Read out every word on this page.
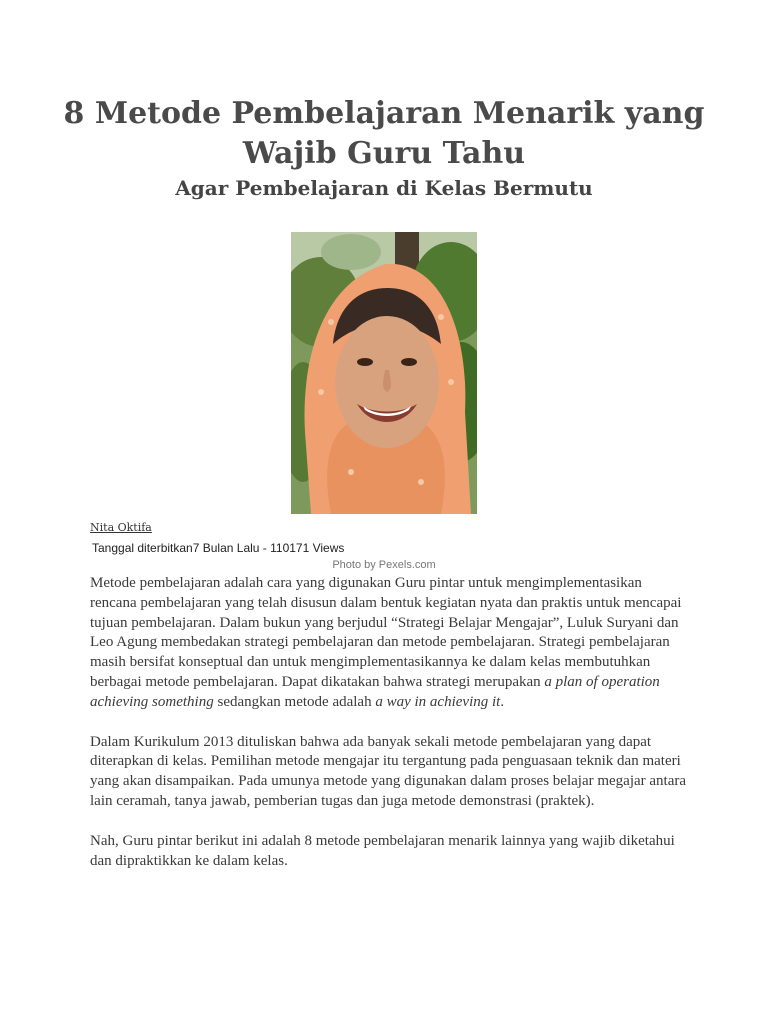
8 Metode Pembelajaran Menarik yang Wajib Guru Tahu
Agar Pembelajaran di Kelas Bermutu
Nita Oktifa
Tanggal diterbitkan7 Bulan Lalu - 110171 Views
Photo by Pexels.com

Metode pembelajaran adalah cara yang digunakan Guru pintar untuk mengimplementasikan rencana pembelajaran yang telah disusun dalam bentuk kegiatan nyata dan praktis untuk mencapai tujuan pembelajaran. Dalam bukun yang berjudul “Strategi Belajar Mengajar”, Luluk Suryani dan Leo Agung membedakan strategi pembelajaran dan metode pembelajaran. Strategi pembelajaran masih bersifat konseptual dan untuk mengimplementasikannya ke dalam kelas membutuhkan berbagai metode pembelajaran. Dapat dikatakan bahwa strategi merupakan a plan of operation achieving something sedangkan metode adalah a way in achieving it.

Dalam Kurikulum 2013 dituliskan bahwa ada banyak sekali metode pembelajaran yang dapat diterapkan di kelas. Pemilihan metode mengajar itu tergantung pada penguasaan teknik dan materi yang akan disampaikan. Pada umunya metode yang digunakan dalam proses belajar megajar antara lain ceramah, tanya jawab, pemberian tugas dan juga metode demonstrasi (praktek).

Nah, Guru pintar berikut ini adalah 8 metode pembelajaran menarik lainnya yang wajib diketahui dan dipraktikkan ke dalam kelas.
